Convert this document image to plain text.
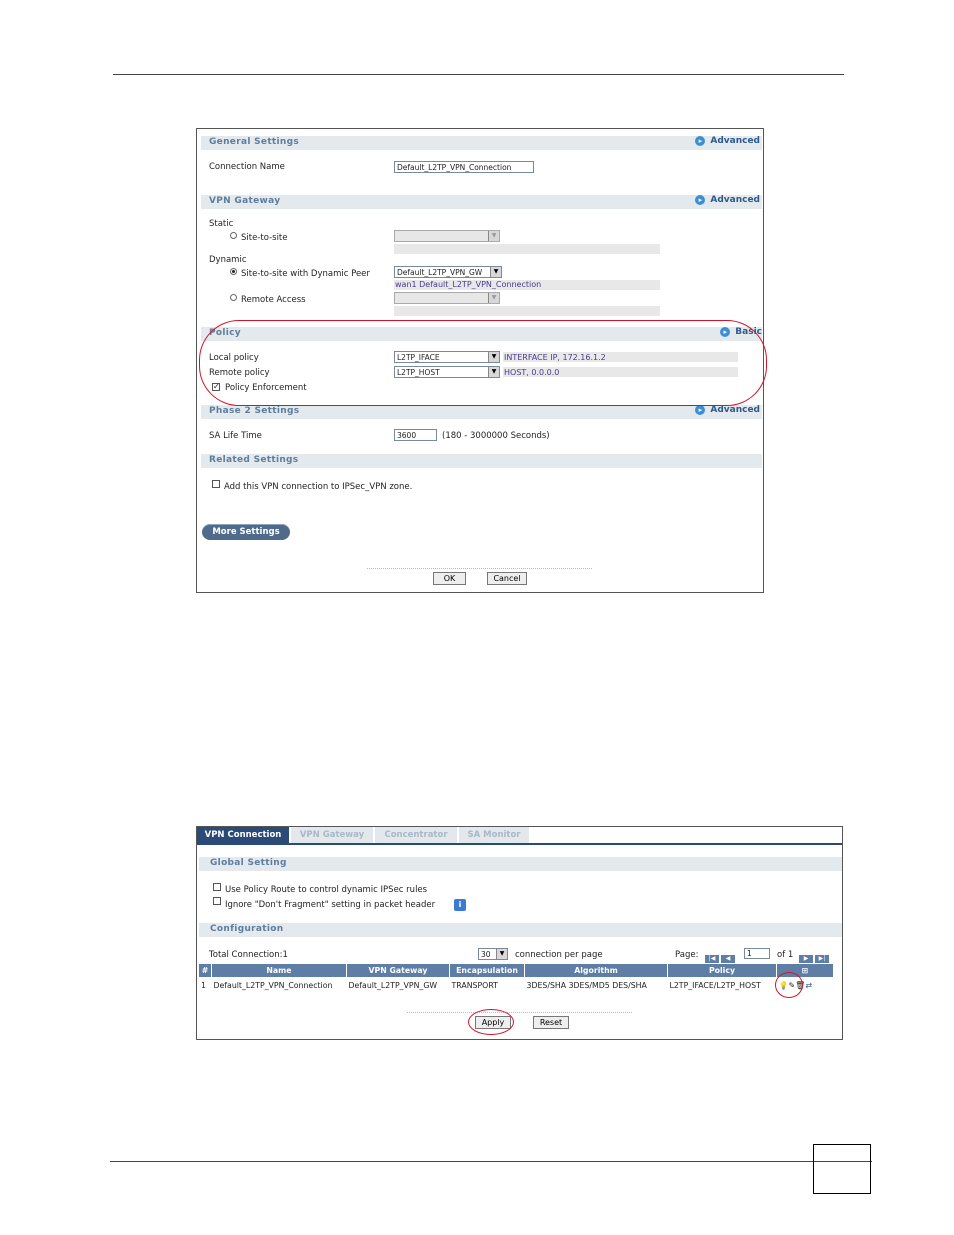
General Settings	▸ Advanced
Connection Name	Default_L2TP_VPN_Connection
VPN Gateway	▸ Advanced
Static
Site-to-site	▼
Dynamic
Site-to-site with Dynamic Peer	Default_L2TP_VPN_GW	▼
wan1 Default_L2TP_VPN_Connection
Remote Access	▼
Policy	▸ Basic
Local policy	L2TP_IFACE	▼ INTERFACE IP, 172.16.1.2
Remote policy	L2TP_HOST	▼ HOST, 0.0.0.0
✓ Policy Enforcement
Phase 2 Settings	▸ Advanced
SA Life Time	3600	(180 - 3000000 Seconds)
Related Settings
Add this VPN connection to IPSec_VPN zone.
More Settings
OK	Cancel
VPN Connection	VPN Gateway	Concentrator	SA Monitor
Global Setting
Use Policy Route to control dynamic IPSec rules
Ignore "Don't Fragment" setting in packet header	i
Configuration
Total Connection:1	30	▼	connection per page	Page:	|◀ ◀	1	of 1	▶ ▶|
#	Name	VPN Gateway	Encapsulation	Algorithm	Policy	⊞
1	Default_L2TP_VPN_Connection	Default_L2TP_VPN_GW	TRANSPORT	3DES/SHA 3DES/MD5 DES/SHA	L2TP_IFACE/L2TP_HOST	💡✎🗑⇄
Apply	Reset
